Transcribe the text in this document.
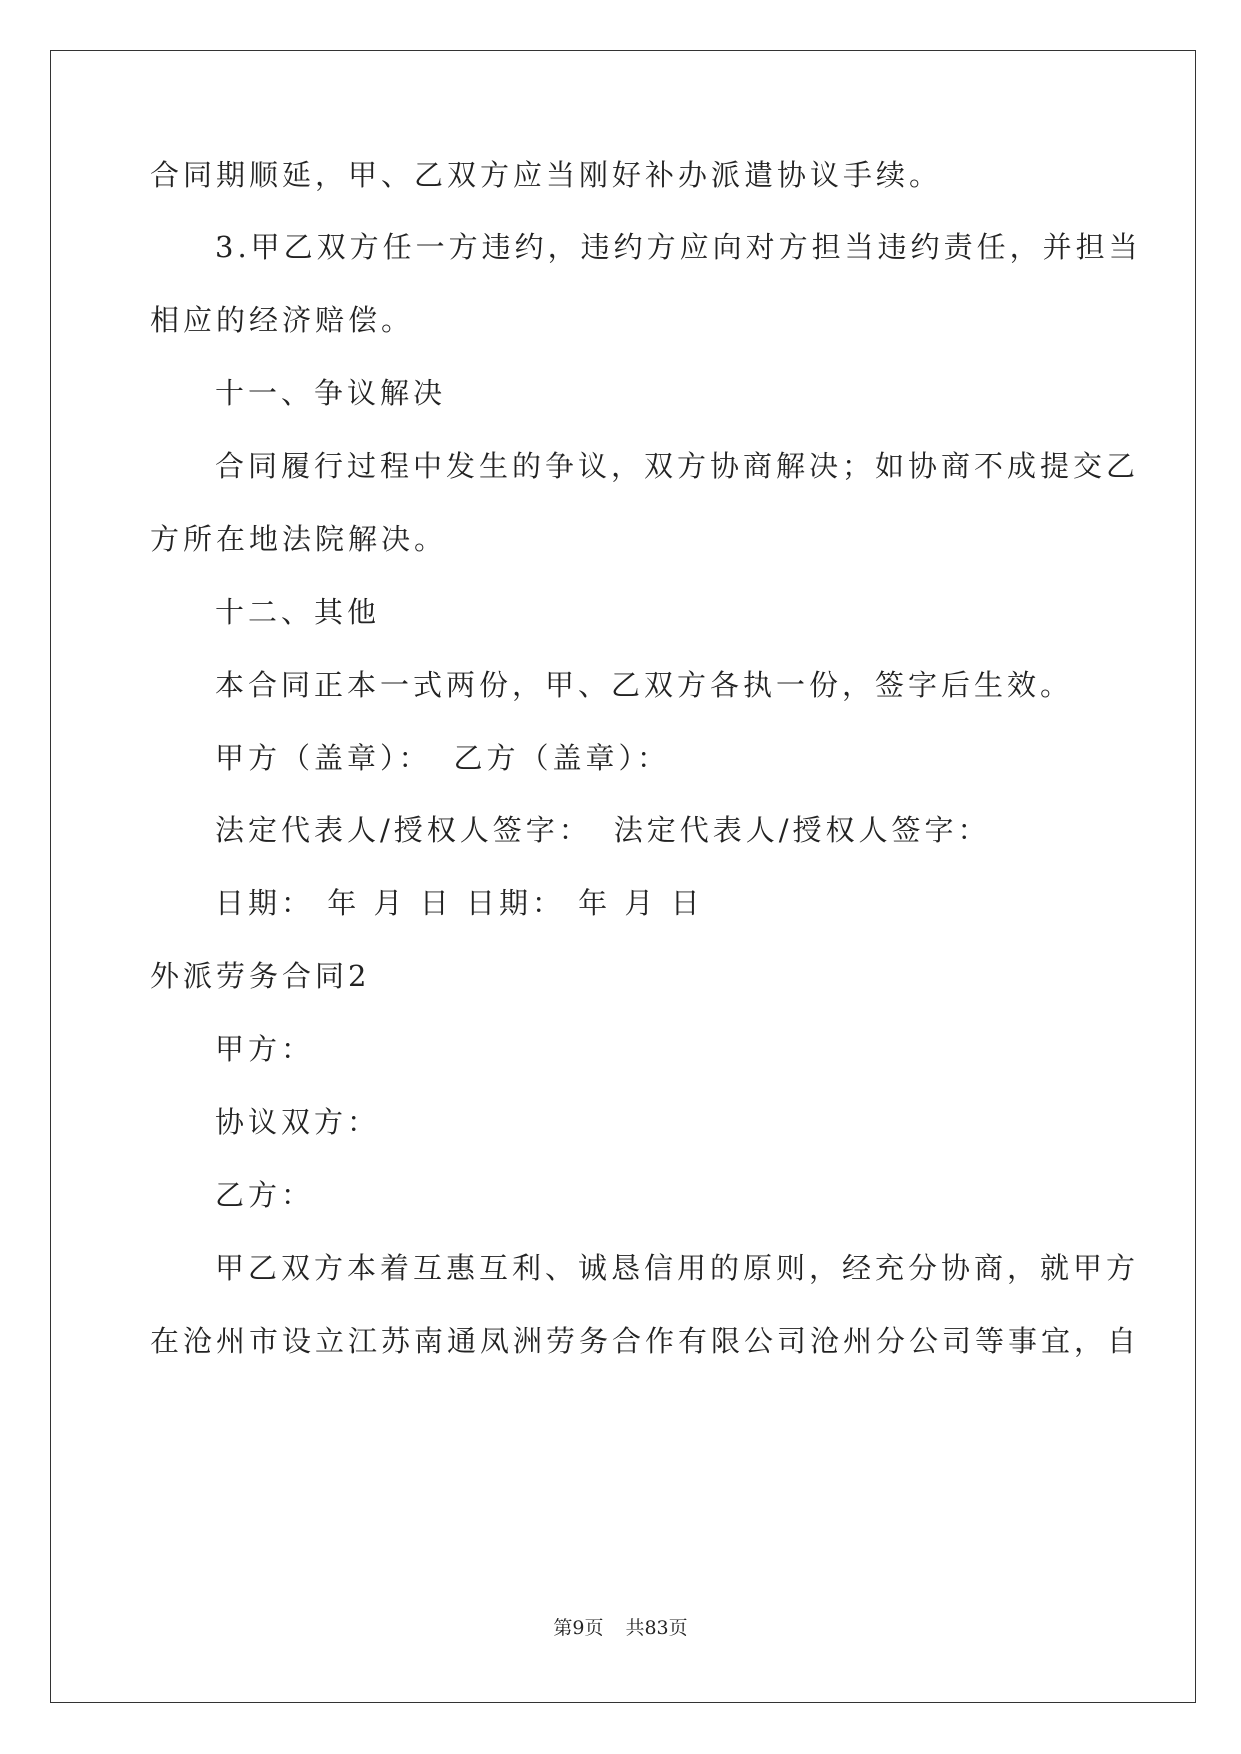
合同期顺延，甲、乙双方应当刚好补办派遣协议手续。
3.甲乙双方任一方违约，违约方应向对方担当违约责任，并担当
相应的经济赔偿。
十一、争议解决
合同履行过程中发生的争议，双方协商解决；如协商不成提交乙
方所在地法院解决。
十二、其他
本合同正本一式两份，甲、乙双方各执一份，签字后生效。
甲方（盖章）： 乙方（盖章）：
法定代表人/授权人签字： 法定代表人/授权人签字：
日期： 年 月 日 日期： 年 月 日
外派劳务合同2
甲方：
协议双方：
乙方：
甲乙双方本着互惠互利、诚恳信用的原则，经充分协商，就甲方
在沧州市设立江苏南通凤洲劳务合作有限公司沧州分公司等事宜，自
第9页 共83页
